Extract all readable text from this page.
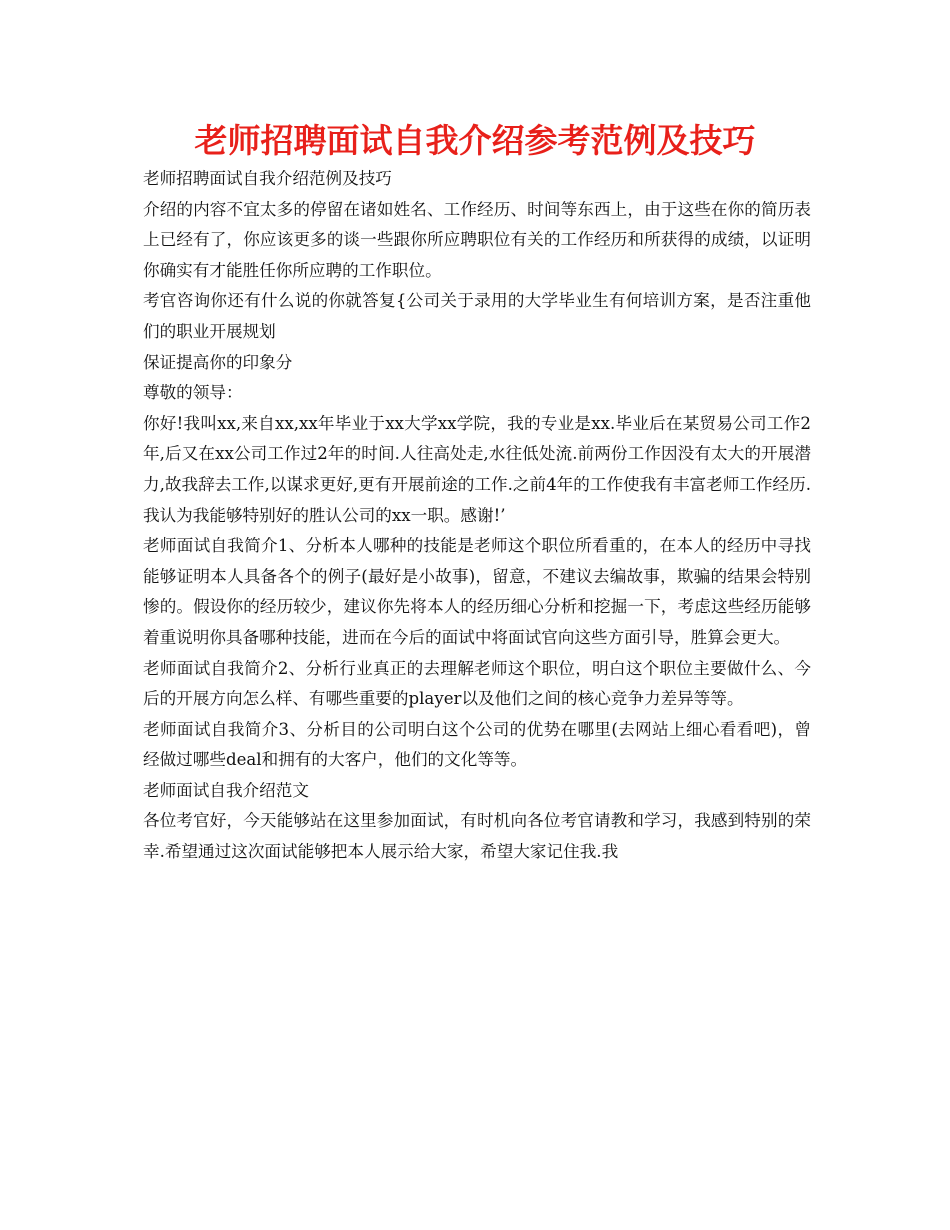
老师招聘面试自我介绍参考范例及技巧

老师招聘面试自我介绍范例及技巧

介绍的内容不宜太多的停留在诸如姓名、工作经历、时间等东西上，由于这些在你的简历表上已经有了，你应该更多的谈一些跟你所应聘职位有关的工作经历和所获得的成绩，以证明你确实有才能胜任你所应聘的工作职位。

考官咨询你还有什么说的你就答复{公司关于录用的大学毕业生有何培训方案，是否注重他们的职业开展规划

保证提高你的印象分

尊敬的领导：

你好!我叫xx,来自xx,xx年毕业于xx大学xx学院，我的专业是xx.毕业后在某贸易公司工作2年,后又在xx公司工作过2年的时间.人往高处走,水往低处流.前两份工作因没有太大的开展潜力,故我辞去工作,以谋求更好,更有开展前途的工作.之前4年的工作使我有丰富老师工作经历.我认为我能够特别好的胜认公司的xx一职。感谢!’

老师面试自我简介1、分析本人哪种的技能是老师这个职位所看重的，在本人的经历中寻找能够证明本人具备各个的例子(最好是小故事)，留意，不建议去编故事，欺骗的结果会特别惨的。假设你的经历较少，建议你先将本人的经历细心分析和挖掘一下，考虑这些经历能够着重说明你具备哪种技能，进而在今后的面试中将面试官向这些方面引导，胜算会更大。

老师面试自我简介2、分析行业真正的去理解老师这个职位，明白这个职位主要做什么、今后的开展方向怎么样、有哪些重要的player以及他们之间的核心竞争力差异等等。

老师面试自我简介3、分析目的公司明白这个公司的优势在哪里(去网站上细心看看吧)，曾经做过哪些deal和拥有的大客户，他们的文化等等。

老师面试自我介绍范文

各位考官好，今天能够站在这里参加面试，有时机向各位考官请教和学习，我感到特别的荣幸.希望通过这次面试能够把本人展示给大家，希望大家记住我.我
